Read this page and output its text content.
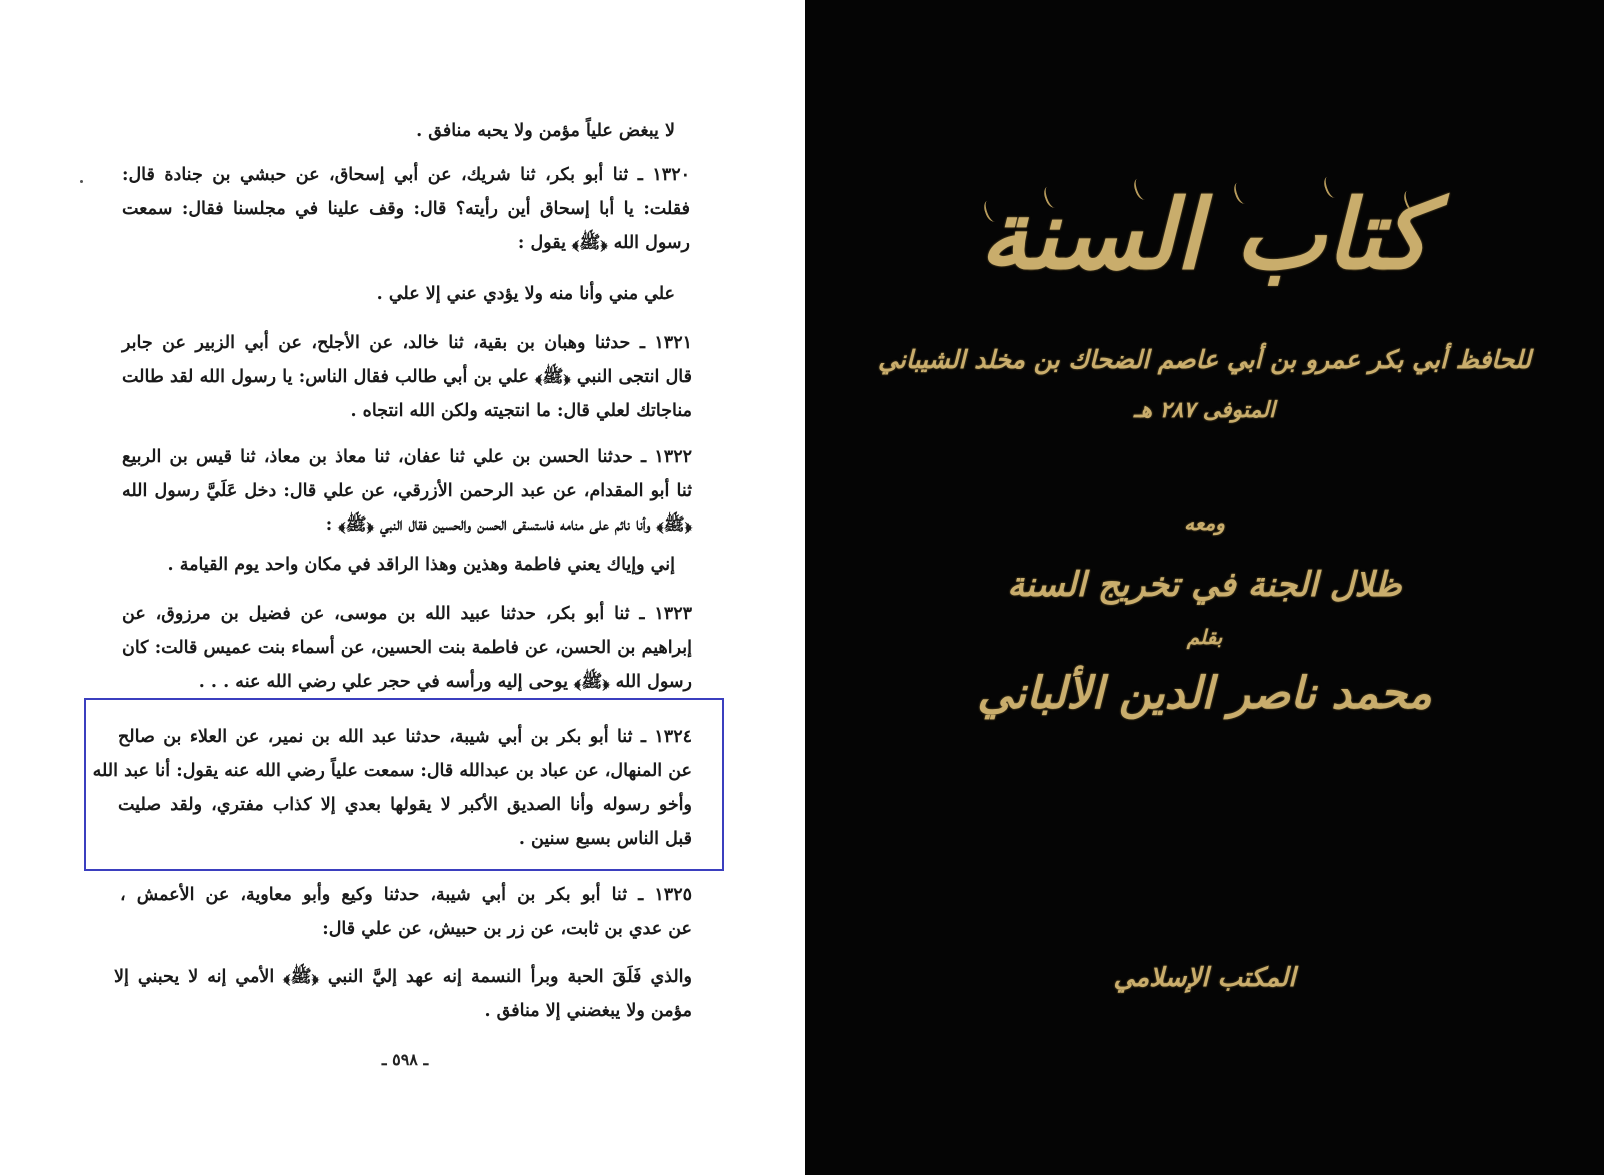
لا يبغض علياً مؤمن ولا يحبه منافق .
١٣٢٠ ـ ثنا أبو بكر، ثنا شريك، عن أبي إسحاق، عن حبشي بن جنادة قال:
فقلت: يا أبا إسحاق أين رأيته؟ قال: وقف علينا في مجلسنا فقال: سمعت
رسول الله ﴿ﷺ﴾ يقول :
علي مني وأنا منه ولا يؤدي عني إلا علي .
١٣٢١ ـ حدثنا وهبان بن بقية، ثنا خالد، عن الأجلح، عن أبي الزبير عن جابر
قال انتجى النبي ﴿ﷺ﴾ علي بن أبي طالب فقال الناس: يا رسول الله لقد طالت
مناجاتك لعلي قال: ما انتجيته ولكن الله انتجاه .
١٣٢٢ ـ حدثنا الحسن بن علي ثنا عفان، ثنا معاذ بن معاذ، ثنا قيس بن الربيع
ثنا أبو المقدام، عن عبد الرحمن الأزرقي، عن علي قال: دخل عَلَيَّ رسول الله
﴿ﷺ﴾ وأنا نائم على منامه فاستسقى الحسن والحسين فقال النبي ﴿ﷺ﴾ :
إني وإياك يعني فاطمة وهذين وهذا الراقد في مكان واحد يوم القيامة .
١٣٢٣ ـ ثنا أبو بكر، حدثنا عبيد الله بن موسى، عن فضيل بن مرزوق، عن
إبراهيم بن الحسن، عن فاطمة بنت الحسين، عن أسماء بنت عميس قالت: كان
رسول الله ﴿ﷺ﴾ يوحى إليه ورأسه في حجر علي رضي الله عنه . . .
١٣٢٤ ـ ثنا أبو بكر بن أبي شيبة، حدثنا عبد الله بن نمير، عن العلاء بن صالح
عن المنهال، عن عباد بن عبدالله قال: سمعت علياً رضي الله عنه يقول: أنا عبد الله
وأخو رسوله وأنا الصديق الأكبر لا يقولها بعدي إلا كذاب مفتري، ولقد صليت
قبل الناس بسبع سنين .
١٣٢٥ ـ ثنا أبو بكر بن أبي شيبة، حدثنا وكيع وأبو معاوية، عن الأعمش ،
عن عدي بن ثابت، عن زر بن حبيش، عن علي قال:
والذي فَلَقَ الحبة وبرأ النسمة إنه عهد إليَّ النبي ﴿ﷺ﴾ الأمي إنه لا يحبني إلا
مؤمن ولا يبغضني إلا منافق .
ـ ٥٩٨ ـ
كتاب السنة
للحافظ أبي بكر عمرو بن أبي عاصم الضحاك بن مخلد الشيباني
المتوفى ٢٨٧ هـ
ومعه
ظلال الجنة في تخريج السنة
بقلم
محمد ناصر الدين الألباني
المكتب الإسلامي
